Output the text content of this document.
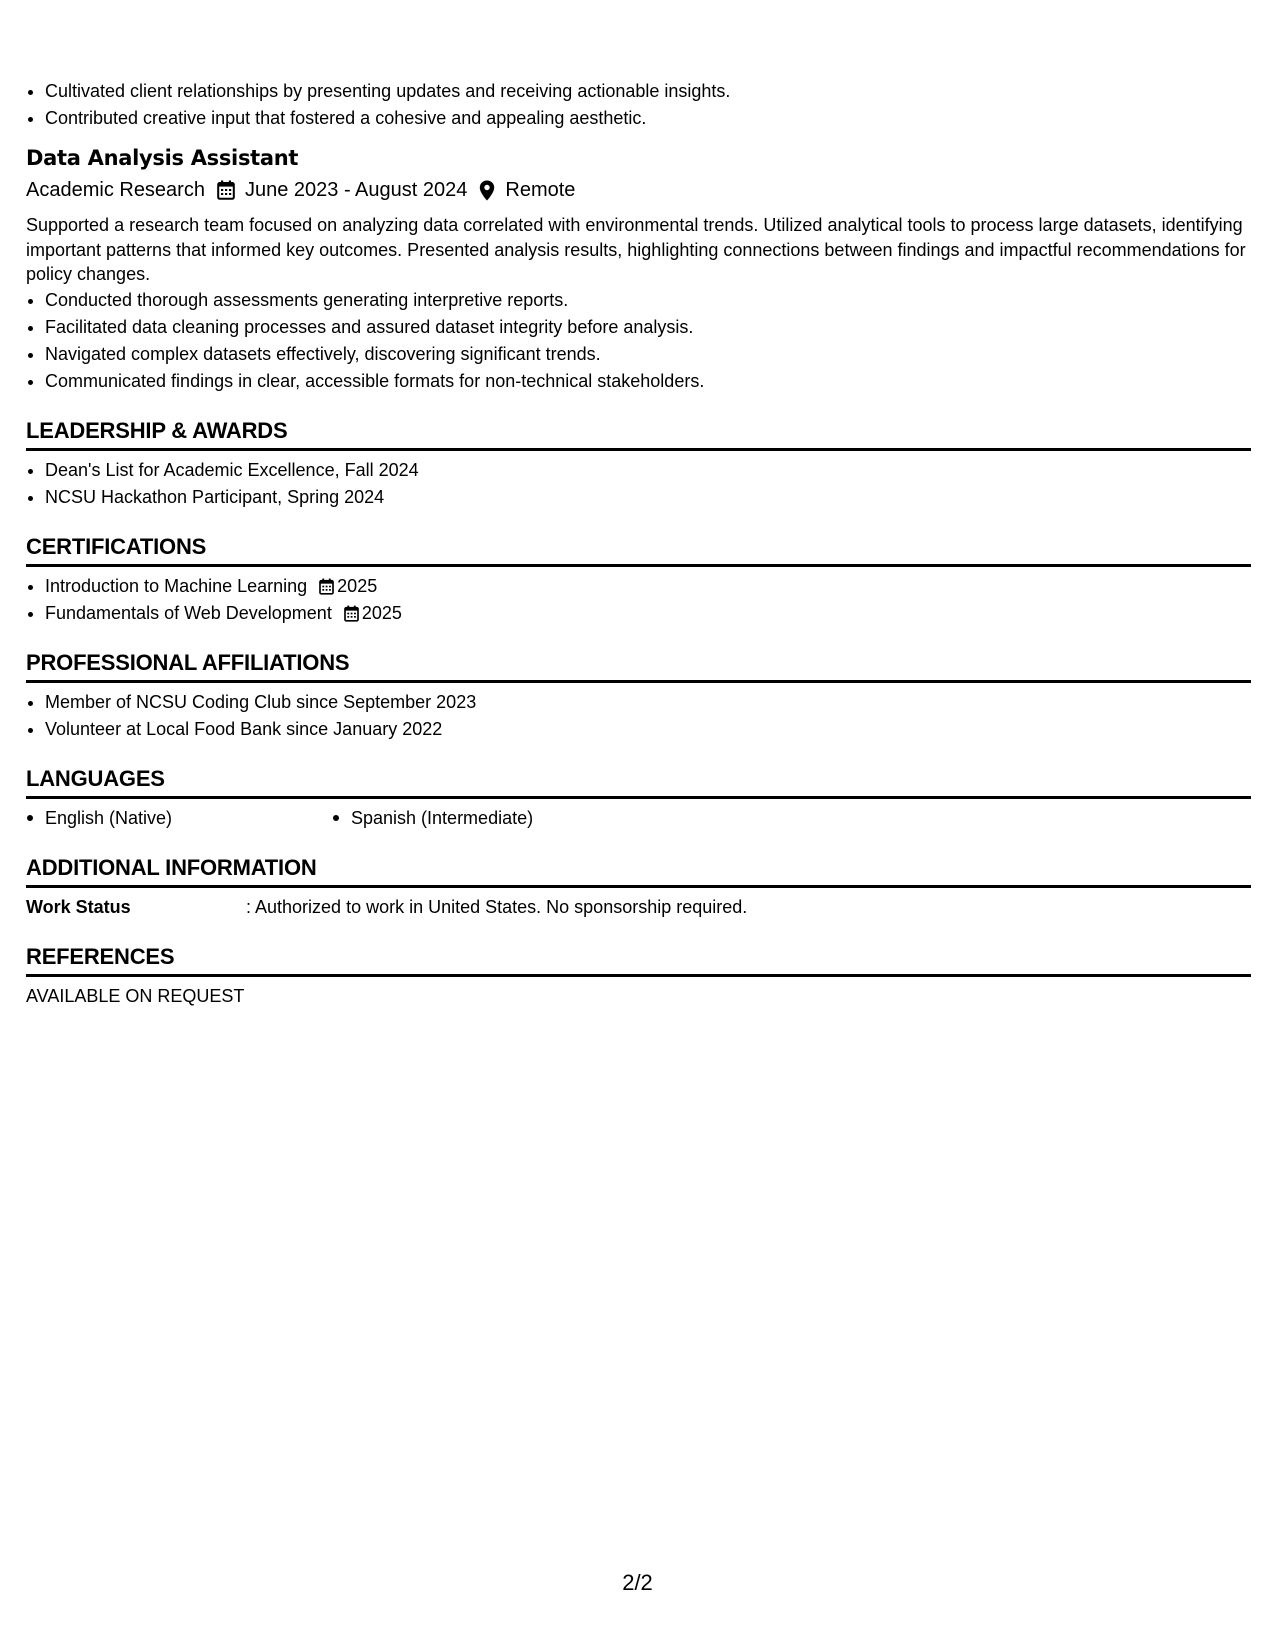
• Cultivated client relationships by presenting updates and receiving actionable insights.
• Contributed creative input that fostered a cohesive and appealing aesthetic.
Data Analysis Assistant
Academic Research June 2023 - August 2024 Remote
Supported a research team focused on analyzing data correlated with environmental trends. Utilized analytical tools to process large datasets, identifying important patterns that informed key outcomes. Presented analysis results, highlighting connections between findings and impactful recommendations for policy changes.
• Conducted thorough assessments generating interpretive reports.
• Facilitated data cleaning processes and assured dataset integrity before analysis.
• Navigated complex datasets effectively, discovering significant trends.
• Communicated findings in clear, accessible formats for non-technical stakeholders.
LEADERSHIP & AWARDS
• Dean's List for Academic Excellence, Fall 2024
• NCSU Hackathon Participant, Spring 2024
CERTIFICATIONS
• Introduction to Machine Learning 2025
• Fundamentals of Web Development 2025
PROFESSIONAL AFFILIATIONS
• Member of NCSU Coding Club since September 2023
• Volunteer at Local Food Bank since January 2022
LANGUAGES
English (Native)	Spanish (Intermediate)
ADDITIONAL INFORMATION
Work Status	: Authorized to work in United States. No sponsorship required.
REFERENCES
AVAILABLE ON REQUEST
2/2
